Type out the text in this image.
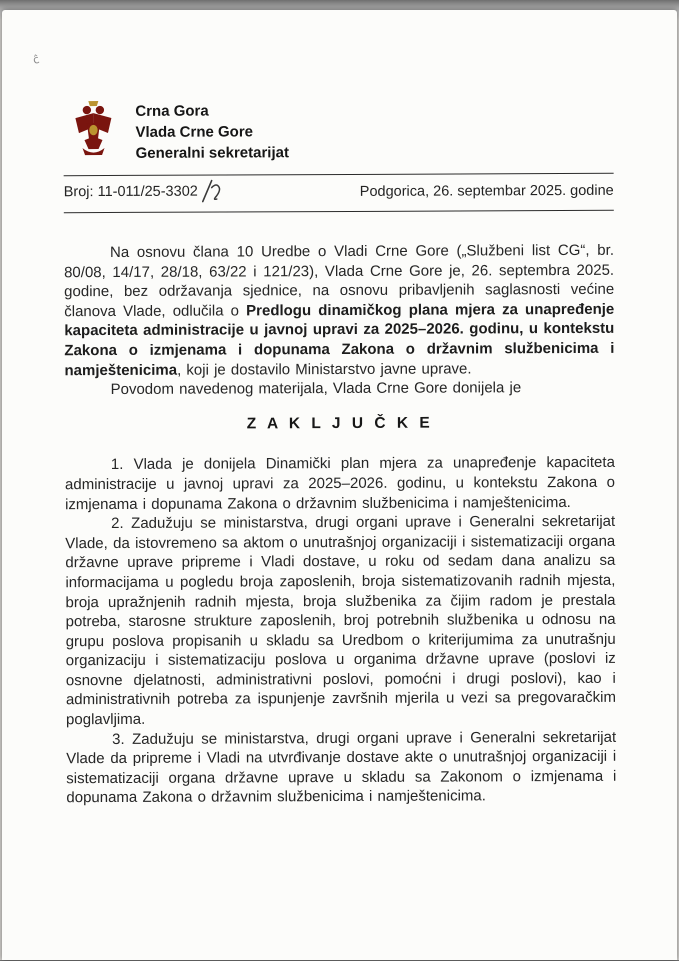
ĉ
Crna Gora
Vlada Crne Gore
Generalni sekretarijat
Broj: 11-011/25-3302	Podgorica, 26. septembar 2025. godine

Na osnovu člana 10 Uredbe o Vladi Crne Gore („Službeni list CG“, br. 80/08, 14/17, 28/18, 63/22 i 121/23), Vlada Crne Gore je, 26. septembra 2025. godine, bez održavanja sjednice, na osnovu pribavljenih saglasnosti većine članova Vlade, odlučila o Predlogu dinamičkog plana mjera za unapređenje kapaciteta administracije u javnoj upravi za 2025–2026. godinu, u kontekstu Zakona o izmjenama i dopunama Zakona o državnim službenicima i namještenicima, koji je dostavilo Ministarstvo javne uprave.

Povodom navedenog materijala, Vlada Crne Gore donijela je

Z A K L J U Č K E

1. Vlada je donijela Dinamički plan mjera za unapređenje kapaciteta administracije u javnoj upravi za 2025–2026. godinu, u kontekstu Zakona o izmjenama i dopunama Zakona o državnim službenicima i namještenicima.

2. Zadužuju se ministarstva, drugi organi uprave i Generalni sekretarijat Vlade, da istovremeno sa aktom o unutrašnjoj organizaciji i sistematizaciji organa državne uprave pripreme i Vladi dostave, u roku od sedam dana analizu sa informacijama u pogledu broja zaposlenih, broja sistematizovanih radnih mjesta, broja upražnjenih radnih mjesta, broja službenika za čijim radom je prestala potreba, starosne strukture zaposlenih, broj potrebnih službenika u odnosu na grupu poslova propisanih u skladu sa Uredbom o kriterijumima za unutrašnju organizaciju i sistematizaciju poslova u organima državne uprave (poslovi iz osnovne djelatnosti, administrativni poslovi, pomoćni i drugi poslovi), kao i administrativnih potreba za ispunjenje završnih mjerila u vezi sa pregovaračkim poglavljima.

3. Zadužuju se ministarstva, drugi organi uprave i Generalni sekretarijat Vlade da pripreme i Vladi na utvrđivanje dostave akte o unutrašnjoj organizaciji i sistematizaciji organa državne uprave u skladu sa Zakonom o izmjenama i dopunama Zakona o državnim službenicima i namještenicima.
